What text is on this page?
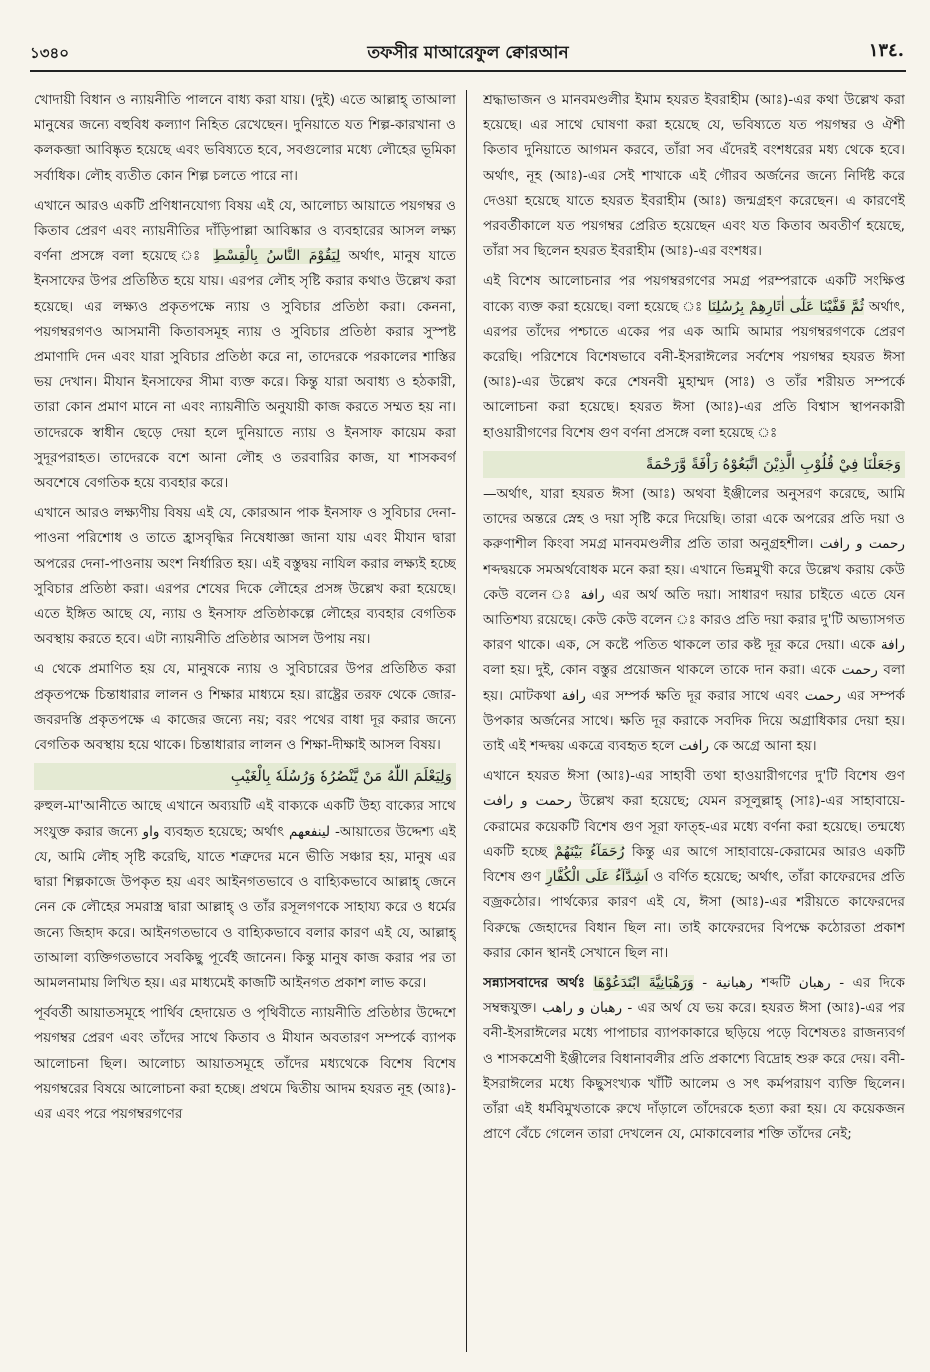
১৩৪০	তফসীর মাআরেফুল ক্বোরআন	١٣٤.

খোদায়ী বিধান ও ন্যায়নীতি পালনে বাধ্য করা যায়। (দুই) এতে আল্লাহ্ তাআলা মানুষের জন্যে বহুবিধ কল্যাণ নিহিত রেখেছেন। দুনিয়াতে যত শিল্প-কারখানা ও কলকব্জা আবিষ্কৃত হয়েছে এবং ভবিষ্যতে হবে, সবগুলোর মধ্যে লৌহের ভূমিকা সর্বাধিক। লৌহ ব্যতীত কোন শিল্প চলতে পারে না।

এখানে আরও একটি প্রণিধানযোগ্য বিষয় এই যে, আলোচ্য আয়াতে পয়গম্বর ও কিতাব প্রেরণ এবং ন্যায়নীতির দাঁড়িপাল্লা আবিষ্কার ও ব্যবহারের আসল লক্ষ্য বর্ণনা প্রসঙ্গে বলা হয়েছে ঃ لِيَقُوْمَ النَّاسُ بِالْقِسْطِ অর্থাৎ, মানুষ যাতে ইনসাফের উপর প্রতিষ্ঠিত হয়ে যায়। এরপর লৌহ সৃষ্টি করার কথাও উল্লেখ করা হয়েছে। এর লক্ষ্যও প্রকৃতপক্ষে ন্যায় ও সুবিচার প্রতিষ্ঠা করা। কেননা, পয়গম্বরগণও আসমানী কিতাবসমূহ ন্যায় ও সুবিচার প্রতিষ্ঠা করার সুস্পষ্ট প্রমাণাদি দেন এবং যারা সুবিচার প্রতিষ্ঠা করে না, তাদেরকে পরকালের শাস্তির ভয় দেখান। মীযান ইনসাফের সীমা ব্যক্ত করে। কিন্তু যারা অবাধ্য ও হঠকারী, তারা কোন প্রমাণ মানে না এবং ন্যায়নীতি অনুযায়ী কাজ করতে সম্মত হয় না। তাদেরকে স্বাধীন ছেড়ে দেয়া হলে দুনিয়াতে ন্যায় ও ইনসাফ কায়েম করা সুদূরপরাহত। তাদেরকে বশে আনা লৌহ ও তরবারির কাজ, যা শাসকবর্গ অবশেষে বেগতিক হয়ে ব্যবহার করে।

এখানে আরও লক্ষ্যণীয় বিষয় এই যে, কোরআন পাক ইনসাফ ও সুবিচার দেনা-পাওনা পরিশোধ ও তাতে হ্রাসবৃদ্ধির নিষেধাজ্ঞা জানা যায় এবং মীযান দ্বারা অপরের দেনা-পাওনায় অংশ নির্ধারিত হয়। এই বস্তুদ্বয় নাযিল করার লক্ষ্যই হচ্ছে সুবিচার প্রতিষ্ঠা করা। এরপর শেষের দিকে লৌহের প্রসঙ্গ উল্লেখ করা হয়েছে। এতে ইঙ্গিত আছে যে, ন্যায় ও ইনসাফ প্রতিষ্ঠাকল্পে লৌহের ব্যবহার বেগতিক অবস্থায় করতে হবে। এটা ন্যায়নীতি প্রতিষ্ঠার আসল উপায় নয়।

এ থেকে প্রমাণিত হয় যে, মানুষকে ন্যায় ও সুবিচারের উপর প্রতিষ্ঠিত করা প্রকৃতপক্ষে চিন্তাধারার লালন ও শিক্ষার মাধ্যমে হয়। রাষ্ট্রের তরফ থেকে জোর-জবরদস্তি প্রকৃতপক্ষে এ কাজের জন্যে নয়; বরং পথের বাধা দূর করার জন্যে বেগতিক অবস্থায় হয়ে থাকে। চিন্তাধারার লালন ও শিক্ষা-দীক্ষাই আসল বিষয়।

وَلِيَعْلَمَ اللّٰهُ مَنْ يَّنْصُرُهٗ وَرُسُلَهٗ بِالْغَيْبِ

রুহুল-মা'আনীতে আছে এখানে অব্যয়টি এই বাক্যকে একটি উহ্য বাক্যের সাথে সংযুক্ত করার জন্যে واو ব্যবহৃত হয়েছে; অর্থাৎ لينفعهم -আয়াতের উদ্দেশ্য এই যে, আমি লৌহ সৃষ্টি করেছি, যাতে শত্রুদের মনে ভীতি সঞ্চার হয়, মানুষ এর দ্বারা শিল্পকাজে উপকৃত হয় এবং আইনগতভাবে ও বাহ্যিকভাবে আল্লাহ্ জেনে নেন কে লৌহের সমরাস্ত্র দ্বারা আল্লাহ্ ও তাঁর রসূলগণকে সাহায্য করে ও ধর্মের জন্যে জিহাদ করে। আইনগতভাবে ও বাহ্যিকভাবে বলার কারণ এই যে, আল্লাহ্ তাআলা ব্যক্তিগতভাবে সবকিছু পূর্বেই জানেন। কিন্তু মানুষ কাজ করার পর তা আমলনামায় লিখিত হয়। এর মাধ্যমেই কাজটি আইনগত প্রকাশ লাভ করে।

পূর্ববর্তী আয়াতসমূহে পার্থিব হেদায়েত ও পৃথিবীতে ন্যায়নীতি প্রতিষ্ঠার উদ্দেশে পয়গম্বর প্রেরণ এবং তাঁদের সাথে কিতাব ও মীযান অবতারণ সম্পর্কে ব্যাপক আলোচনা ছিল। আলোচ্য আয়াতসমূহে তাঁদের মধ্যথেকে বিশেষ বিশেষ পয়গম্বরের বিষয়ে আলোচনা করা হচ্ছে। প্রথমে দ্বিতীয় আদম হযরত নূহ (আঃ)-এর এবং পরে পয়গম্বরগণের

শ্রদ্ধাভাজন ও মানবমণ্ডলীর ইমাম হযরত ইবরাহীম (আঃ)-এর কথা উল্লেখ করা হয়েছে। এর সাথে ঘোষণা করা হয়েছে যে, ভবিষ্যতে যত পয়গম্বর ও ঐশী কিতাব দুনিয়াতে আগমন করবে, তাঁরা সব এঁদেরই বংশধরের মধ্য থেকে হবে। অর্থাৎ, নূহ (আঃ)-এর সেই শাখাকে এই গৌরব অর্জনের জন্যে নির্দিষ্ট করে দেওয়া হয়েছে যাতে হযরত ইবরাহীম (আঃ) জন্মগ্রহণ করেছেন। এ কারণেই পরবর্তীকালে যত পয়গম্বর প্রেরিত হয়েছেন এবং যত কিতাব অবতীর্ণ হয়েছে, তাঁরা সব ছিলেন হযরত ইবরাহীম (আঃ)-এর বংশধর।

এই বিশেষ আলোচনার পর পয়গম্বরগণের সমগ্র পরম্পরাকে একটি সংক্ষিপ্ত বাক্যে ব্যক্ত করা হয়েছে। বলা হয়েছে ঃ ثُمَّ قَفَّيْنَا عَلٰٓى اٰثَارِهِمْ بِرُسُلِنَا অর্থাৎ, এরপর তাঁদের পশ্চাতে একের পর এক আমি আমার পয়গম্বরগণকে প্রেরণ করেছি। পরিশেষে বিশেষভাবে বনী-ইসরাঈলের সর্বশেষ পয়গম্বর হযরত ঈসা (আঃ)-এর উল্লেখ করে শেষনবী মুহাম্মদ (সাঃ) ও তাঁর শরীয়ত সম্পর্কে আলোচনা করা হয়েছে। হযরত ঈসা (আঃ)-এর প্রতি বিশ্বাস স্থাপনকারী হাওয়ারীগণের বিশেষ গুণ বর্ণনা প্রসঙ্গে বলা হয়েছে ঃ

وَجَعَلْنَا فِيْ قُلُوْبِ الَّذِيْنَ اتَّبَعُوْهُ رَاْفَةً وَّرَحْمَةً

—অর্থাৎ, যারা হযরত ঈসা (আঃ) অথবা ইঞ্জীলের অনুসরণ করেছে, আমি তাদের অন্তরে স্নেহ ও দয়া সৃষ্টি করে দিয়েছি। তারা একে অপরের প্রতি দয়া ও করুণাশীল কিংবা সমগ্র মানবমণ্ডলীর প্রতি তারা অনুগ্রহশীল। رحمت و رافت শব্দদ্বয়কে সমঅর্থবোধক মনে করা হয়। এখানে ভিন্নমুখী করে উল্লেখ করায় কেউ কেউ বলেন ঃ رافة এর অর্থ অতি দয়া। সাধারণ দয়ার চাইতে এতে যেন আতিশয্য রয়েছে। কেউ কেউ বলেন ঃ কারও প্রতি দয়া করার দু'টি অভ্যাসগত কারণ থাকে। এক, সে কষ্টে পতিত থাকলে তার কষ্ট দূর করে দেয়া। একে رافة বলা হয়। দুই, কোন বস্তুর প্রয়োজন থাকলে তাকে দান করা। একে رحمت বলা হয়। মোটকথা رافة এর সম্পর্ক ক্ষতি দূর করার সাথে এবং رحمت এর সম্পর্ক উপকার অর্জনের সাথে। ক্ষতি দূর করাকে সবদিক দিয়ে অগ্রাধিকার দেয়া হয়। তাই এই শব্দদ্বয় একত্রে ব্যবহৃত হলে رافت কে অগ্রে আনা হয়।

এখানে হযরত ঈসা (আঃ)-এর সাহাবী তথা হাওয়ারীগণের দু'টি বিশেষ গুণ رحمت و رافت উল্লেখ করা হয়েছে; যেমন রসূলুল্লাহ্ (সাঃ)-এর সাহাবায়ে-কেরামের কয়েকটি বিশেষ গুণ সূরা ফাত্হ-এর মধ্যে বর্ণনা করা হয়েছে। তন্মধ্যে একটি হচ্ছে رُحَمَآءُ بَيْنَهُمْ কিন্তু এর আগে সাহাবায়ে-কেরামের আরও একটি বিশেষ গুণ اَشِدَّآءُ عَلَى الْكُفَّارِ ও বর্ণিত হয়েছে; অর্থাৎ, তাঁরা কাফেরদের প্রতি বজ্রকঠোর। পার্থক্যের কারণ এই যে, ঈসা (আঃ)-এর শরীয়তে কাফেরদের বিরুদ্ধে জেহাদের বিধান ছিল না। তাই কাফেরদের বিপক্ষে কঠোরতা প্রকাশ করার কোন স্থানই সেখানে ছিল না।

সন্ন্যাসবাদের অর্থঃ وَرَهْبَانِيَّةَ ابْتَدَعُوْهَا - رهبانية শব্দটি رهبان - এর দিকে সম্বন্ধযুক্ত। رهبان و راهب - এর অর্থ যে ভয় করে। হযরত ঈসা (আঃ)-এর পর বনী-ইসরাঈলের মধ্যে পাপাচার ব্যাপকাকারে ছড়িয়ে পড়ে বিশেষতঃ রাজন্যবর্গ ও শাসকশ্রেণী ইঞ্জীলের বিধানাবলীর প্রতি প্রকাশ্যে বিদ্রোহ শুরু করে দেয়। বনী-ইসরাঈলের মধ্যে কিছুসংখ্যক খাঁটি আলেম ও সৎ কর্মপরায়ণ ব্যক্তি ছিলেন। তাঁরা এই ধর্মবিমুখতাকে রুখে দাঁড়ালে তাঁদেরকে হত্যা করা হয়। যে কয়েকজন প্রাণে বেঁচে গেলেন তারা দেখলেন যে, মোকাবেলার শক্তি তাঁদের নেই;
